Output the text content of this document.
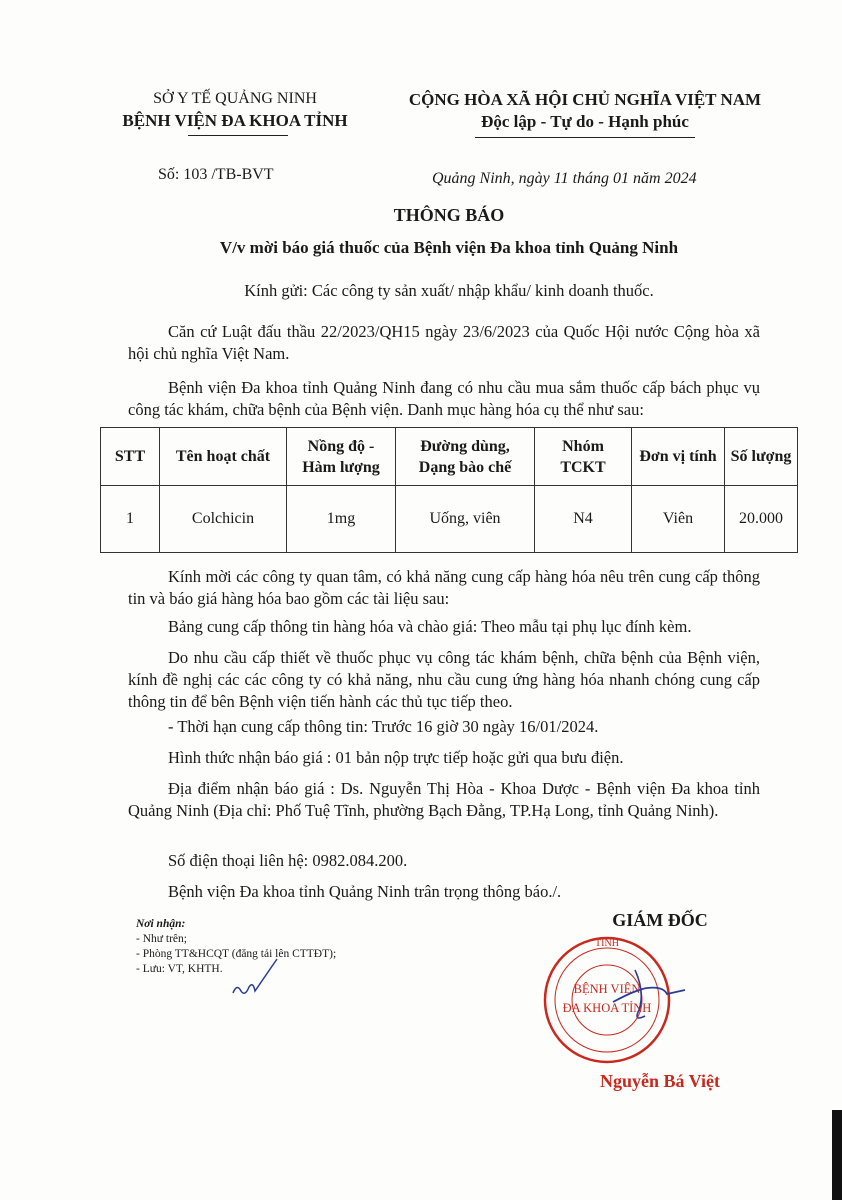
SỞ Y TẾ QUẢNG NINH
BỆNH VIỆN ĐA KHOA TỈNH
CỘNG HÒA XÃ HỘI CHỦ NGHĨA VIỆT NAM
Độc lập - Tự do - Hạnh phúc
Số: 103 /TB-BVT	Quảng Ninh, ngày 11 tháng 01 năm 2024
THÔNG BÁO
V/v mời báo giá thuốc của Bệnh viện Đa khoa tỉnh Quảng Ninh
Kính gửi: Các công ty sản xuất/ nhập khẩu/ kinh doanh thuốc.
Căn cứ Luật đấu thầu 22/2023/QH15 ngày 23/6/2023 của Quốc Hội nước Cộng hòa xã hội chủ nghĩa Việt Nam.
Bệnh viện Đa khoa tỉnh Quảng Ninh đang có nhu cầu mua sắm thuốc cấp bách phục vụ công tác khám, chữa bệnh của Bệnh viện. Danh mục hàng hóa cụ thể như sau:
STT	Tên hoạt chất	Nồng độ - Hàm lượng	Đường dùng, Dạng bào chế	Nhóm TCKT	Đơn vị tính	Số lượng
1	Colchicin	1mg	Uống, viên	N4	Viên	20.000
Kính mời các công ty quan tâm, có khả năng cung cấp hàng hóa nêu trên cung cấp thông tin và báo giá hàng hóa bao gồm các tài liệu sau:
Bảng cung cấp thông tin hàng hóa và chào giá: Theo mẫu tại phụ lục đính kèm.
Do nhu cầu cấp thiết về thuốc phục vụ công tác khám bệnh, chữa bệnh của Bệnh viện, kính đề nghị các các công ty có khả năng, nhu cầu cung ứng hàng hóa nhanh chóng cung cấp thông tin để bên Bệnh viện tiến hành các thủ tục tiếp theo.
- Thời hạn cung cấp thông tin: Trước 16 giờ 30 ngày 16/01/2024.
Hình thức nhận báo giá : 01 bản nộp trực tiếp hoặc gửi qua bưu điện.
Địa điểm nhận báo giá : Ds. Nguyễn Thị Hòa - Khoa Dược - Bệnh viện Đa khoa tỉnh Quảng Ninh (Địa chỉ: Phố Tuệ Tĩnh, phường Bạch Đằng, TP.Hạ Long, tỉnh Quảng Ninh).
Số điện thoại liên hệ: 0982.084.200.
Bệnh viện Đa khoa tỉnh Quảng Ninh trân trọng thông báo./.
Nơi nhận:
- Như trên;
- Phòng TT&HCQT (đăng tải lên CTTĐT);
- Lưu: VT, KHTH.
GIÁM ĐỐC
TỈNH
BỆNH VIỆN
ĐA KHOA TỈNH
Nguyễn Bá Việt
